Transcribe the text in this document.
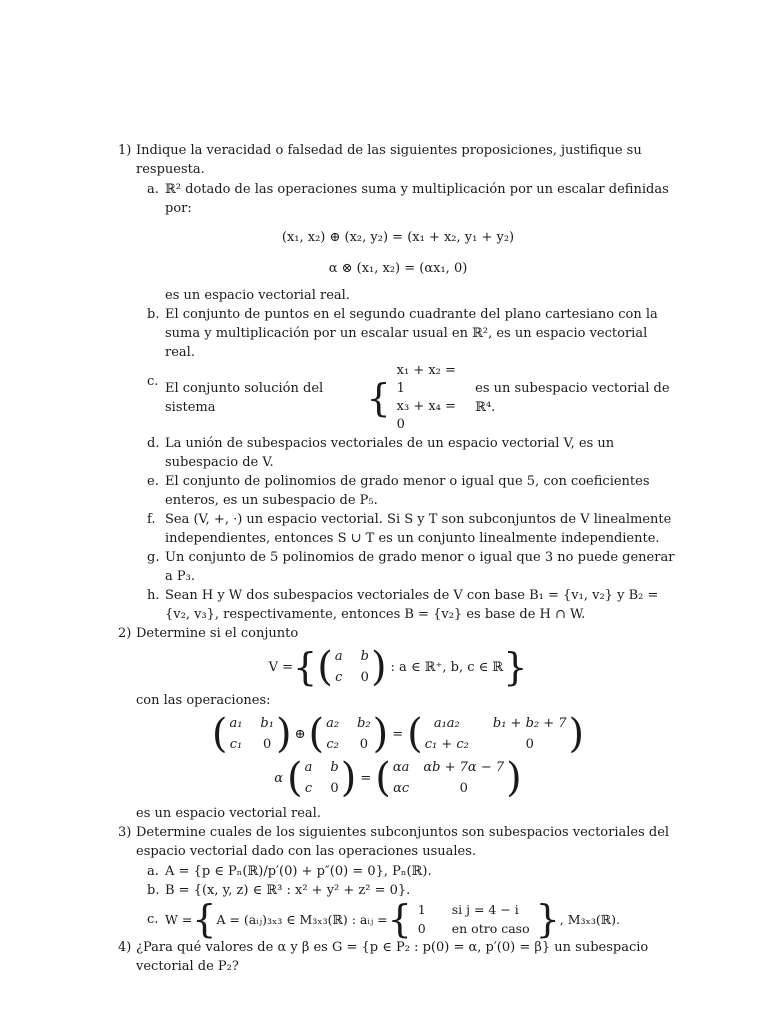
1) Indique la veracidad o falsedad de las siguientes proposiciones, justifique su respuesta.
a. ℝ² dotado de las operaciones suma y multiplicación por un escalar definidas por:
(x₁, x₂) ⊕ (x₂, y₂) = (x₁ + x₂, y₁ + y₂)
α ⊗ (x₁, x₂) = (αx₁, 0)
es un espacio vectorial real.
b. El conjunto de puntos en el segundo cuadrante del plano cartesiano con la suma y multiplicación por un escalar usual en ℝ², es un espacio vectorial real.
c. El conjunto solución del sistema	{
x₁ + x₂ = 1
x₃ + x₄ = 0
es un subespacio vectorial de ℝ⁴.
d. La unión de subespacios vectoriales de un espacio vectorial V, es un subespacio de V.
e. El conjunto de polinomios de grado menor o igual que 5, con coeficientes enteros, es un subespacio de P₅.
f. Sea (V, +, ·) un espacio vectorial. Si S y T son subconjuntos de V linealmente independientes, entonces S ∪ T es un conjunto linealmente independiente.
g. Un conjunto de 5 polinomios de grado menor o igual que 3 no puede generar a P₃.
h. Sean H y W dos subespacios vectoriales de V con base B₁ = {v₁, v₂} y B₂ = {v₂, v₃}, respectivamente, entonces B = {v₂} es base de H ∩ W.
2) Determine si el conjunto
V = { ( a b
c 0 ) : a ∈ ℝ⁺, b, c ∈ ℝ }
con las operaciones:
( a₁ b₁
c₁ 0 ) ⊕ ( a₂ b₂
c₂ 0 ) = ( a₁a₂	b₁ + b₂ + 7
c₁ + c₂	0 )
α ( a b
c 0 ) = ( αa αb + 7α − 7
αc	0 )
es un espacio vectorial real.
3) Determine cuales de los siguientes subconjuntos son subespacios vectoriales del espacio vectorial dado con las operaciones usuales.
a. A = {p ∈ Pₙ(ℝ)/p′(0) + p″(0) = 0}, Pₙ(ℝ).
b. B = {(x, y, z) ∈ ℝ³ : x² + y² + z² = 0}.
c. W = { A = (aᵢⱼ)₃ₓ₃ ∈ M₃ₓ₃(ℝ) : aᵢⱼ = { 1 si j = 4 − i
0 en otro caso } , M₃ₓ₃(ℝ).
4) ¿Para qué valores de α y β es G = {p ∈ P₂ : p(0) = α, p′(0) = β} un subespacio vectorial de P₂?
